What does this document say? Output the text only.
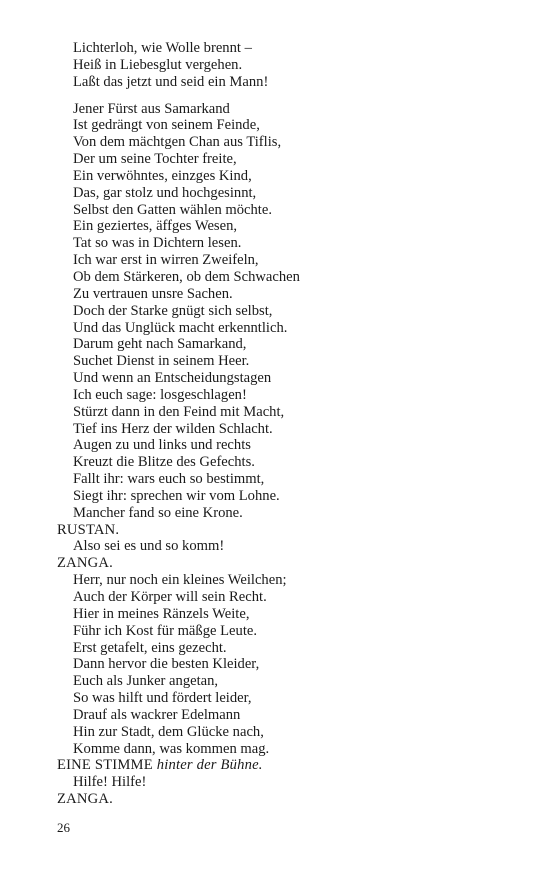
Lichterloh, wie Wolle brennt –
Heiß in Liebesglut vergehen.
Laßt das jetzt und seid ein Mann!
Jener Fürst aus Samarkand
Ist gedrängt von seinem Feinde,
Von dem mächtgen Chan aus Tiflis,
Der um seine Tochter freite,
Ein verwöhntes, einzges Kind,
Das, gar stolz und hochgesinnt,
Selbst den Gatten wählen möchte.
Ein geziertes, äffges Wesen,
Tat so was in Dichtern lesen.
Ich war erst in wirren Zweifeln,
Ob dem Stärkeren, ob dem Schwachen
Zu vertrauen unsre Sachen.
Doch der Starke gnügt sich selbst,
Und das Unglück macht erkenntlich.
Darum geht nach Samarkand,
Suchet Dienst in seinem Heer.
Und wenn an Entscheidungstagen
Ich euch sage: losgeschlagen!
Stürzt dann in den Feind mit Macht,
Tief ins Herz der wilden Schlacht.
Augen zu und links und rechts
Kreuzt die Blitze des Gefechts.
Fallt ihr: wars euch so bestimmt,
Siegt ihr: sprechen wir vom Lohne.
Mancher fand so eine Krone.
RUSTAN.
Also sei es und so komm!
ZANGA.
Herr, nur noch ein kleines Weilchen;
Auch der Körper will sein Recht.
Hier in meines Ränzels Weite,
Führ ich Kost für mäßge Leute.
Erst getafelt, eins gezecht.
Dann hervor die besten Kleider,
Euch als Junker angetan,
So was hilft und fördert leider,
Drauf als wackrer Edelmann
Hin zur Stadt, dem Glücke nach,
Komme dann, was kommen mag.
EINE STIMME hinter der Bühne.
Hilfe! Hilfe!
ZANGA.
26
